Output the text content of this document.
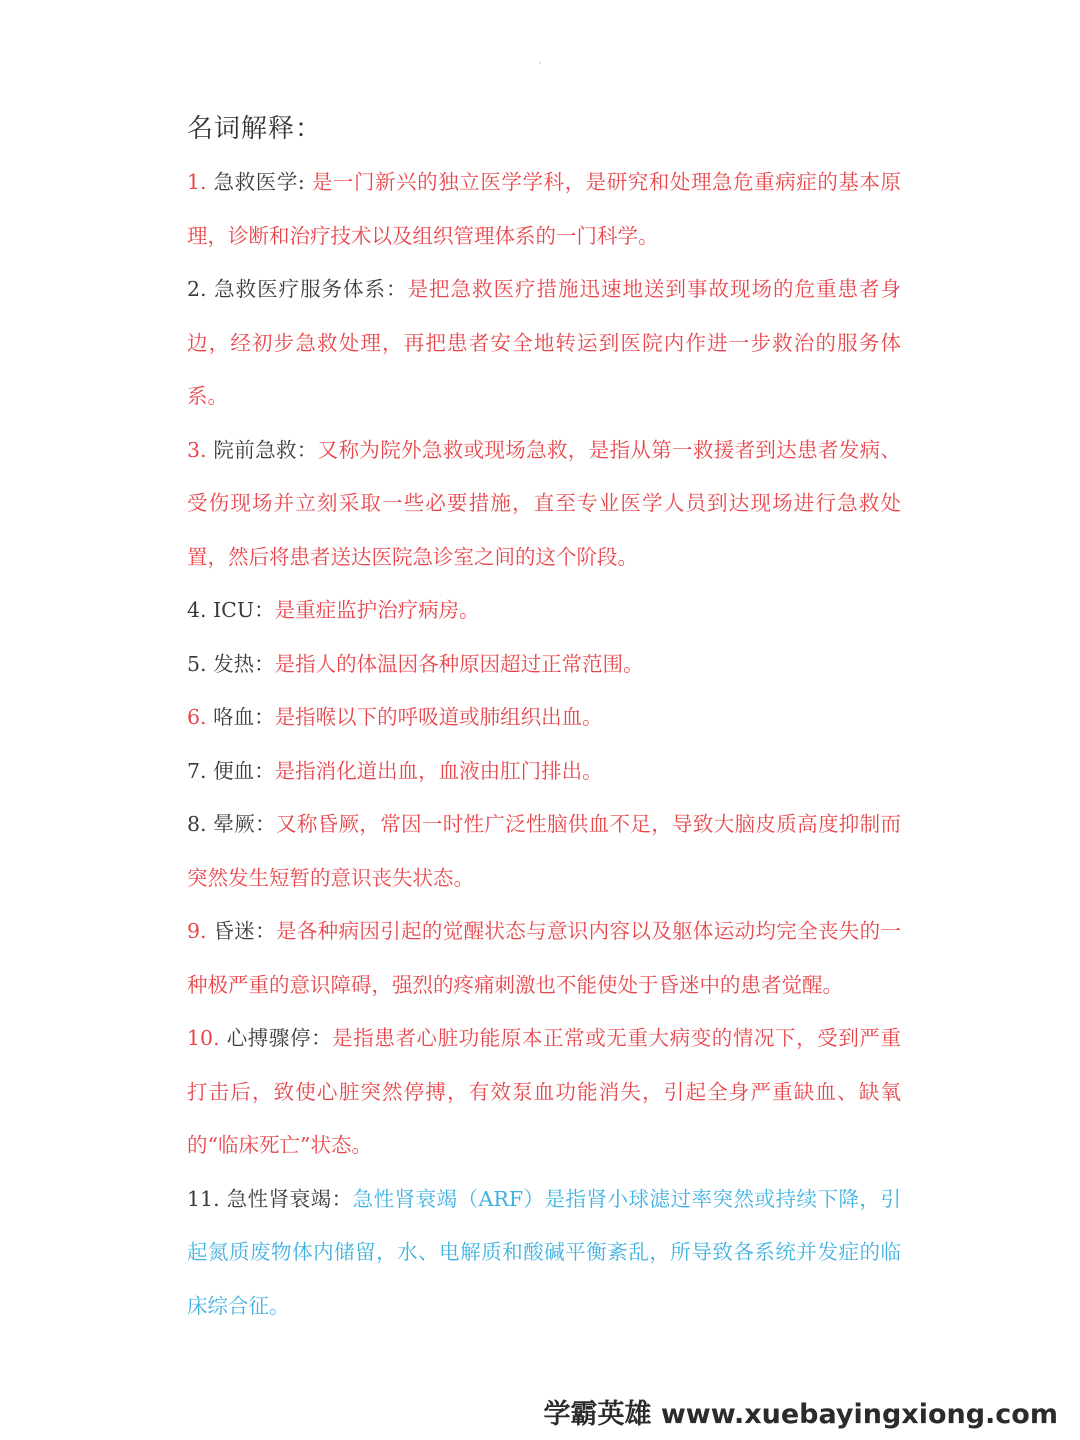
名词解释：

1. 急救医学: 是一门新兴的独立医学学科，是研究和处理急危重病症的基本原理，诊断和治疗技术以及组织管理体系的一门科学。

2. 急救医疗服务体系：是把急救医疗措施迅速地送到事故现场的危重患者身边，经初步急救处理，再把患者安全地转运到医院内作进一步救治的服务体系。

3. 院前急救：又称为院外急救或现场急救，是指从第一救援者到达患者发病、受伤现场并立刻采取一些必要措施，直至专业医学人员到达现场进行急救处置，然后将患者送达医院急诊室之间的这个阶段。

4. ICU：是重症监护治疗病房。

5. 发热：是指人的体温因各种原因超过正常范围。

6. 咯血：是指喉以下的呼吸道或肺组织出血。

7. 便血：是指消化道出血，血液由肛门排出。

8. 晕厥：又称昏厥，常因一时性广泛性脑供血不足，导致大脑皮质高度抑制而突然发生短暂的意识丧失状态。

9. 昏迷：是各种病因引起的觉醒状态与意识内容以及躯体运动均完全丧失的一种极严重的意识障碍，强烈的疼痛刺激也不能使处于昏迷中的患者觉醒。

10. 心搏骤停：是指患者心脏功能原本正常或无重大病变的情况下，受到严重打击后，致使心脏突然停搏，有效泵血功能消失，引起全身严重缺血、缺氧的“临床死亡”状态。

11. 急性肾衰竭：急性肾衰竭（ARF）是指肾小球滤过率突然或持续下降，引起氮质废物体内储留，水、电解质和酸碱平衡紊乱，所导致各系统并发症的临床综合征。

学霸英雄 www.xuebayingxiong.com
